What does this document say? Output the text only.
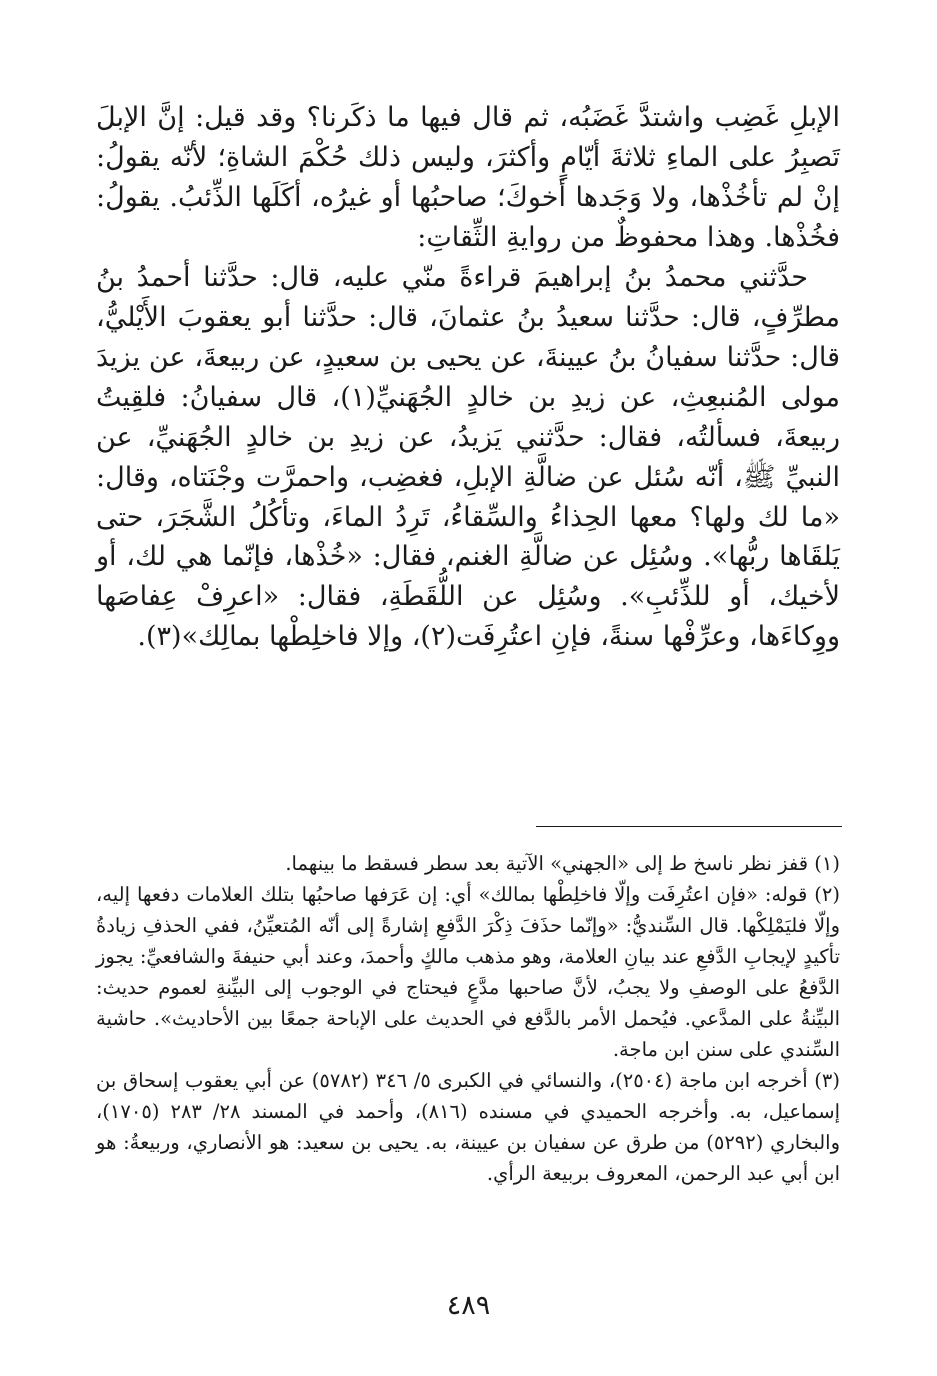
الإبلِ غَضِب واشتدَّ غَضَبُه، ثم قال فيها ما ذكَرنا؟ وقد قيل: إنَّ الإبلَ تَصبِرُ على الماءِ ثلاثةَ أيّامٍ وأكثرَ، وليس ذلك حُكْمَ الشاةِ؛ لأنّه يقولُ: إنْ لم تأخُذْها، ولا وَجَدها أخوكَ؛ صاحبُها أو غيرُه، أكَلَها الذِّئبُ. يقولُ: فخُذْها. وهذا محفوظٌ من روايةِ الثِّقاتِ:

حدَّثني محمدُ بنُ إبراهيمَ قراءةً منّي عليه، قال: حدَّثنا أحمدُ بنُ مطرِّفٍ، قال: حدَّثنا سعيدُ بنُ عثمانَ، قال: حدَّثنا أبو يعقوبَ الأَيْليُّ، قال: حدَّثنا سفيانُ بنُ عيينةَ، عن يحيى بن سعيدٍ، عن ربيعةَ، عن يزيدَ مولى المُنبعِثِ، عن زيدِ بن خالدٍ الجُهَنيِّ(١)، قال سفيانُ: فلقِيتُ ربيعةَ، فسألتُه، فقال: حدَّثني يَزيدُ، عن زيدِ بن خالدٍ الجُهَنيِّ، عن النبيِّ ﷺ، أنّه سُئل عن ضالَّةِ الإبلِ، فغضِب، واحمرَّت وجْنَتاه، وقال: «ما لك ولها؟ معها الحِذاءُ والسِّقاءُ، تَرِدُ الماءَ، وتأكُلُ الشَّجَرَ، حتى يَلقَاها ربُّها». وسُئِل عن ضالَّةِ الغنم، فقال: «خُذْها، فإنّما هي لك، أو لأخيك، أو للذِّئبِ». وسُئِل عن اللُّقَطَةِ، فقال: «اعرِفْ عِفاصَها ووِكاءَها، وعرِّفْها سنةً، فإنِ اعتُرِفَت(٢)، وإلا فاخلِطْها بمالِك»(٣).

(١) قفز نظر ناسخ ط إلى «الجهني» الآتية بعد سطر فسقط ما بينهما.

(٢) قوله: «فإن اعتُرِفَت وإلّا فاخلِطْها بمالك» أي: إن عَرَفها صاحبُها بتلك العلامات دفعها إليه، وإلّا فليَمْلِكْها. قال السِّنديُّ: «وإنّما حذَفَ ذِكْرَ الدَّفعِ إشارةً إلى أنّه المُتعيِّنُ، ففي الحذفِ زيادةُ تأكيدٍ لإيجابِ الدَّفعِ عند بيانِ العلامة، وهو مذهب مالكٍ وأحمدَ، وعند أبي حنيفةَ والشافعيِّ: يجوز الدَّفعُ على الوصفِ ولا يجبُ، لأنَّ صاحبها مدَّعٍ فيحتاج في الوجوب إلى البيِّنةِ لعموم حديث: البيِّنةُ على المدَّعي. فيُحمل الأمر بالدَّفع في الحديث على الإباحة جمعًا بين الأحاديث». حاشية السِّندي على سنن ابن ماجة.

(٣) أخرجه ابن ماجة (٢٥٠٤)، والنسائي في الكبرى ٥/ ٣٤٦ (٥٧٨٢) عن أبي يعقوب إسحاق بن إسماعيل، به. وأخرجه الحميدي في مسنده (٨١٦)، وأحمد في المسند ٢٨/ ٢٨٣ (١٧٠٥)، والبخاري (٥٢٩٢) من طرق عن سفيان بن عيينة، به. يحيى بن سعيد: هو الأنصاري، وربيعةُ: هو ابن أبي عبد الرحمن، المعروف بربيعة الرأي.

٤٨٩
